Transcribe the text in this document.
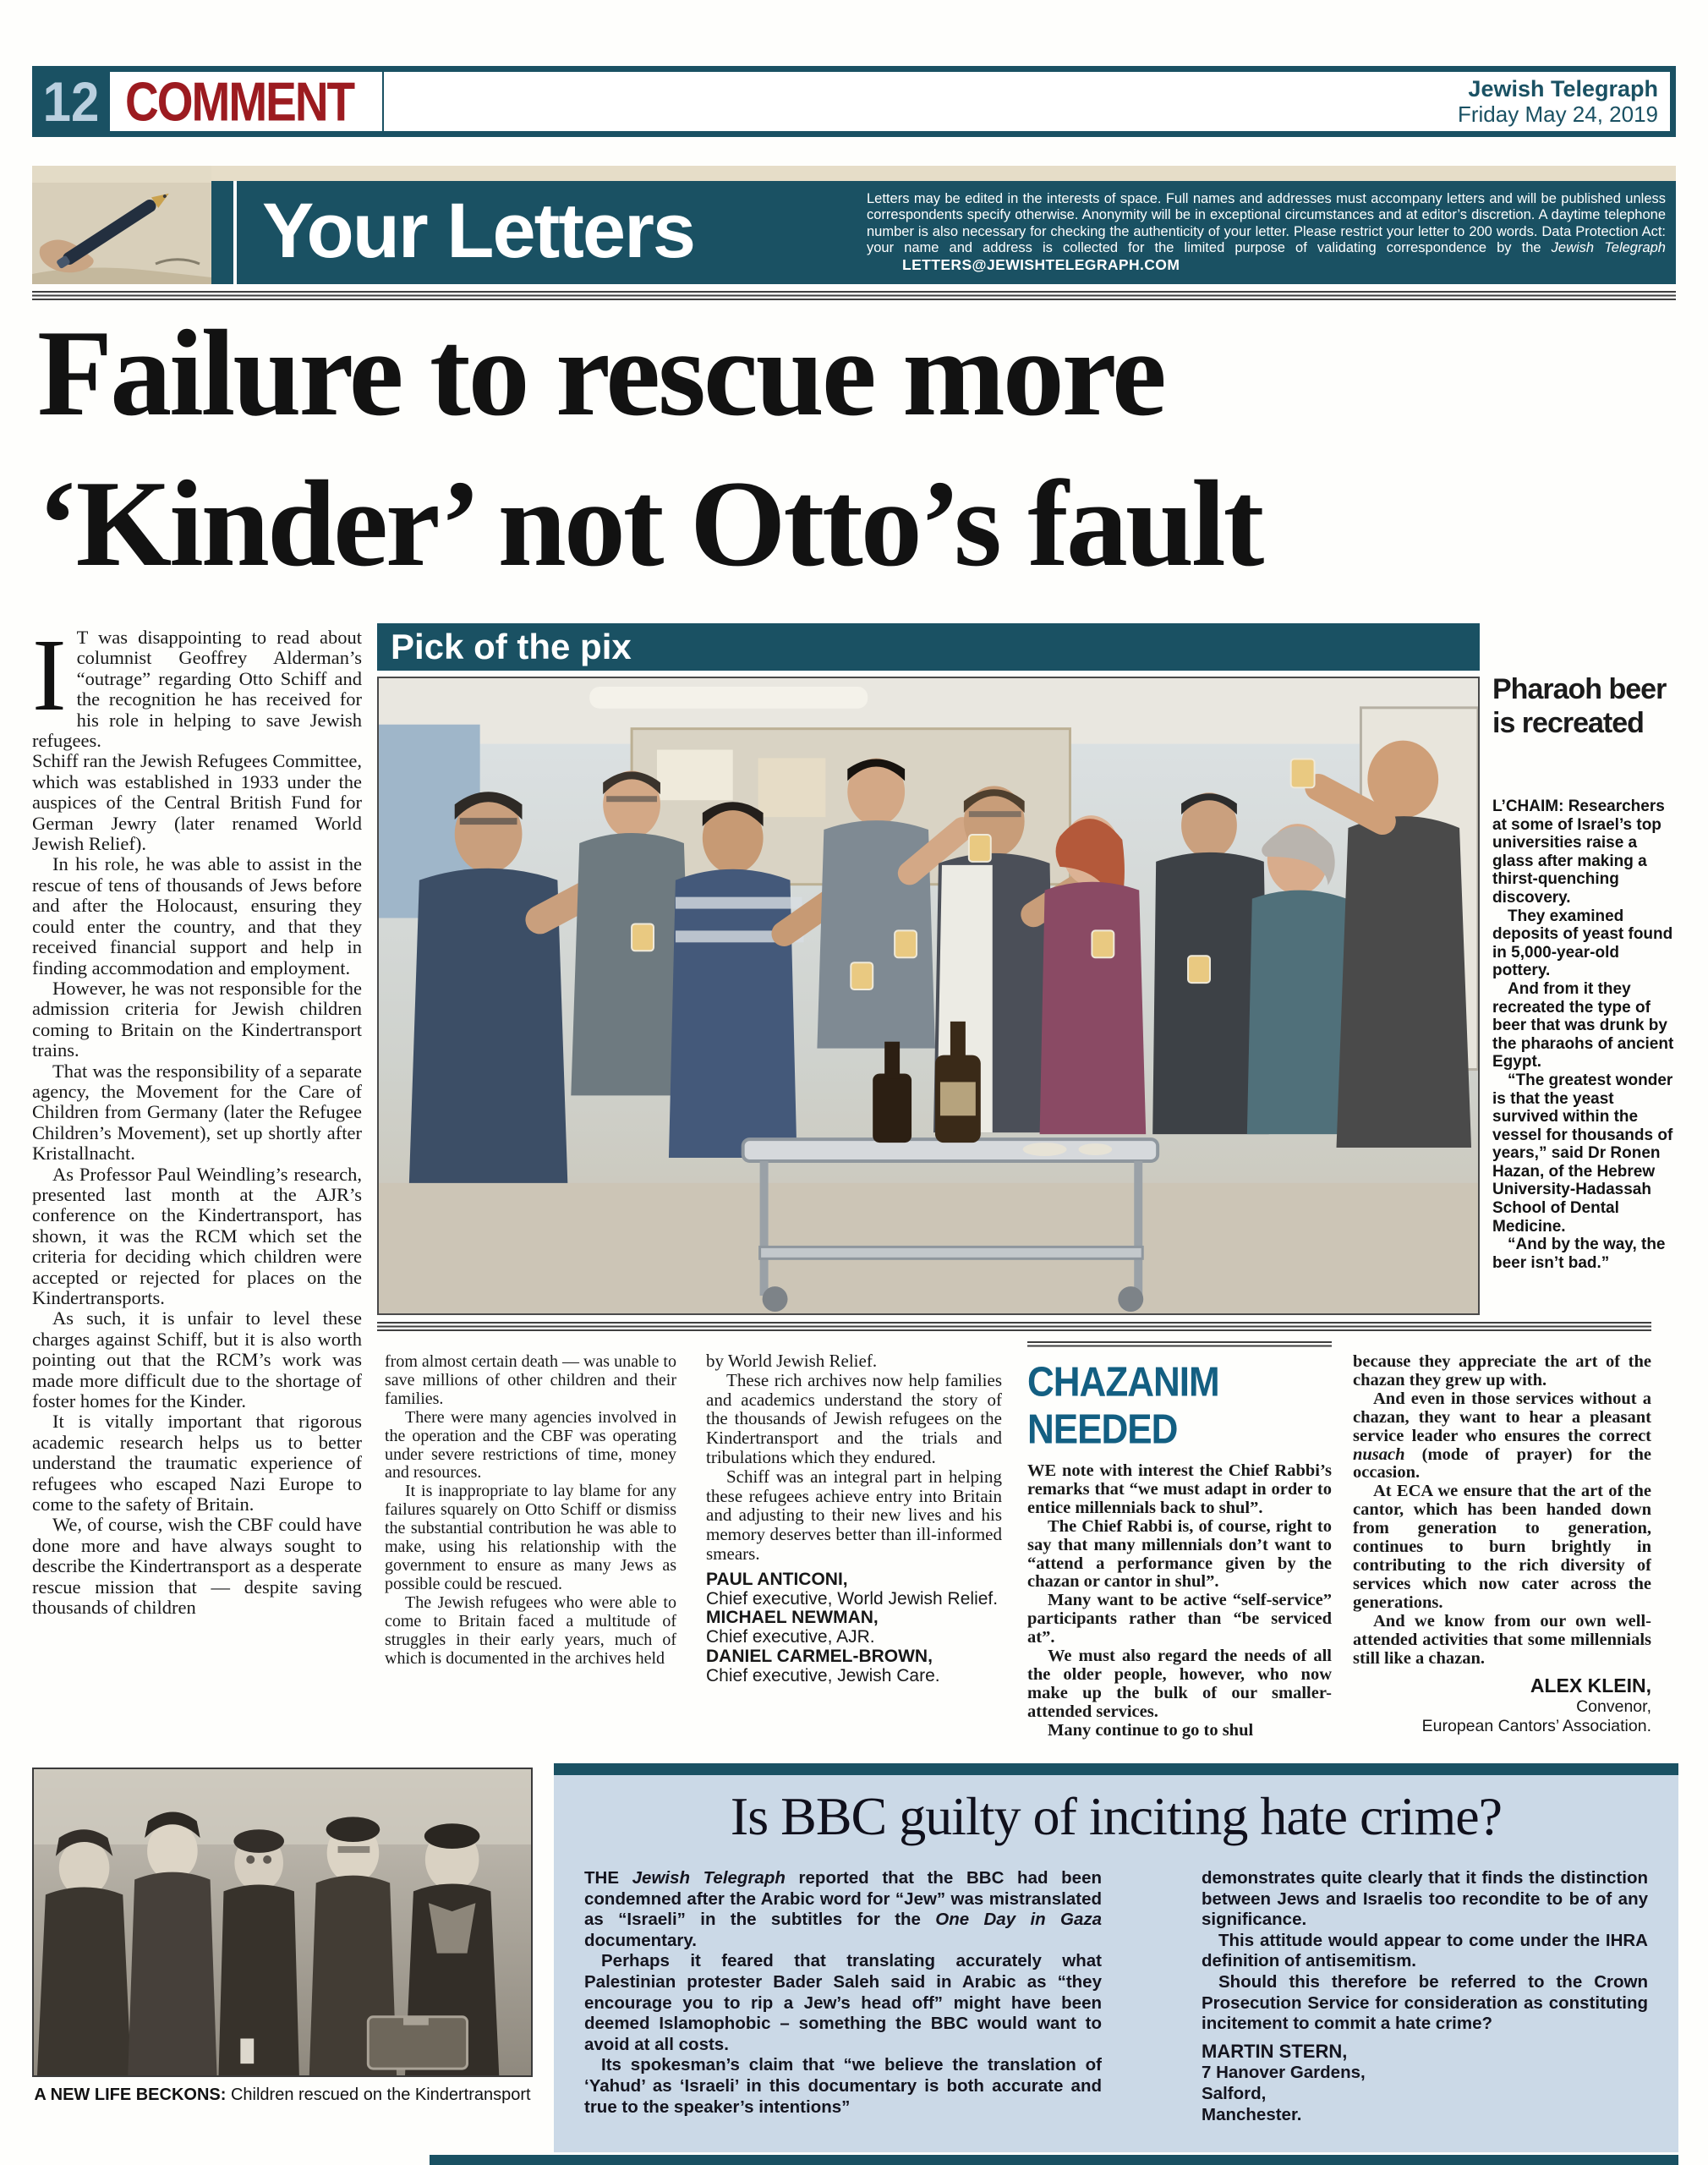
12 COMMENT	Jewish Telegraph
Friday May 24, 2019
Your Letters	Letters may be edited in the interests of space. Full names and addresses must accompany letters and will be published unless correspondents specify otherwise. Anonymity will be in exceptional circumstances and at editor’s discretion. A daytime telephone number is also necessary for checking the authenticity of your letter. Please restrict your letter to 200 words. Data Protection Act: your name and address is collected for the limited purpose of validating correspondence by the Jewish Telegraph LETTERS@JEWISHTELEGRAPH.COM
Failure to rescue more
‘Kinder’ not Otto’s fault

I T was disappointing to read about columnist Geoffrey Alderman’s “outrage” regarding Otto Schiff and the recognition he has received for his role in helping to save Jewish refugees.

Schiff ran the Jewish Refugees Committee, which was established in 1933 under the auspices of the Central British Fund for German Jewry (later renamed World Jewish Relief).

In his role, he was able to assist in the rescue of tens of thousands of Jews before and after the Holocaust, ensuring they could enter the country, and that they received financial support and help in finding accommodation and employment.

However, he was not responsible for the admission criteria for Jewish children coming to Britain on the Kindertransport trains.

That was the responsibility of a separate agency, the Movement for the Care of Children from Germany (later the Refugee Children’s Movement), set up shortly after Kristallnacht.

As Professor Paul Weindling’s research, presented last month at the AJR’s conference on the Kindertransport, has shown, it was the RCM which set the criteria for deciding which children were accepted or rejected for places on the Kindertransports.

As such, it is unfair to level these charges against Schiff, but it is also worth pointing out that the RCM’s work was made more difficult due to the shortage of foster homes for the Kinder.

It is vitally important that rigorous academic research helps us to better understand the traumatic experience of refugees who escaped Nazi Europe to come to the safety of Britain.

We, of course, wish the CBF could have done more and have always sought to describe the Kindertransport as a desperate rescue mission that — despite saving thousands of children

Pick of the pix
Pharaoh beer
is recreated

L’CHAIM: Researchers at some of Israel’s top universities raise a glass after making a thirst-quenching discovery.

They examined deposits of yeast found in 5,000-year-old pottery.

And from it they recreated the type of beer that was drunk by the pharaohs of ancient Egypt.

“The greatest wonder is that the yeast survived within the vessel for thousands of years,” said Dr Ronen Hazan, of the Hebrew University-Hadassah School of Dental Medicine.

“And by the way, the beer isn’t bad.”

from almost certain death — was unable to save millions of other children and their families.

There were many agencies involved in the operation and the CBF was operating under severe restrictions of time, money and resources.

It is inappropriate to lay blame for any failures squarely on Otto Schiff or dismiss the substantial contribution he was able to make, using his relationship with the government to ensure as many Jews as possible could be rescued.

The Jewish refugees who were able to come to Britain faced a multitude of struggles in their early years, much of which is documented in the archives held

by World Jewish Relief.

These rich archives now help families and academics understand the story of the thousands of Jewish refugees on the Kindertransport and the trials and tribulations which they endured.

Schiff was an integral part in helping these refugees achieve entry into Britain and adjusting to their new lives and his memory deserves better than ill-informed smears.

PAUL ANTICONI,

Chief executive, World Jewish Relief.

MICHAEL NEWMAN,

Chief executive, AJR.

DANIEL CARMEL-BROWN,

Chief executive, Jewish Care.

CHAZANIM NEEDED

WE note with interest the Chief Rabbi’s remarks that “we must adapt in order to entice millennials back to shul”.

The Chief Rabbi is, of course, right to say that many millennials don’t want to “attend a performance given by the chazan or cantor in shul”.

Many want to be active “self-service” participants rather than “be serviced at”.

We must also regard the needs of all the older people, however, who now make up the bulk of our smaller-attended services.

Many continue to go to shul

because they appreciate the art of the chazan they grew up with.

And even in those services without a chazan, they want to hear a pleasant service leader who ensures the correct nusach (mode of prayer) for the occasion.

At ECA we ensure that the art of the cantor, which has been handed down from generation to generation, continues to burn brightly in contributing to the rich diversity of services which now cater across the generations.

And we know from our own well-attended activities that some millennials still like a chazan.

ALEX KLEIN,

Convenor,

European Cantors’ Association.

A NEW LIFE BECKONS: Children rescued on the Kindertransport
Is BBC guilty of inciting hate crime?

THE Jewish Telegraph reported that the BBC had been condemned after the Arabic word for “Jew” was mistranslated as “Israeli” in the subtitles for the One Day in Gaza documentary.

Perhaps it feared that translating accurately what Palestinian protester Bader Saleh said in Arabic as “they encourage you to rip a Jew’s head off” might have been deemed Islamophobic – something the BBC would want to avoid at all costs.

Its spokesman’s claim that “we believe the translation of ‘Yahud’ as ‘Israeli’ in this documentary is both accurate and true to the speaker’s intentions”

demonstrates quite clearly that it finds the distinction between Jews and Israelis too recondite to be of any significance.

This attitude would appear to come under the IHRA definition of antisemitism.

Should this therefore be referred to the Crown Prosecution Service for consideration as constituting incitement to commit a hate crime?

MARTIN STERN,

7 Hanover Gardens,

Salford,

Manchester.
